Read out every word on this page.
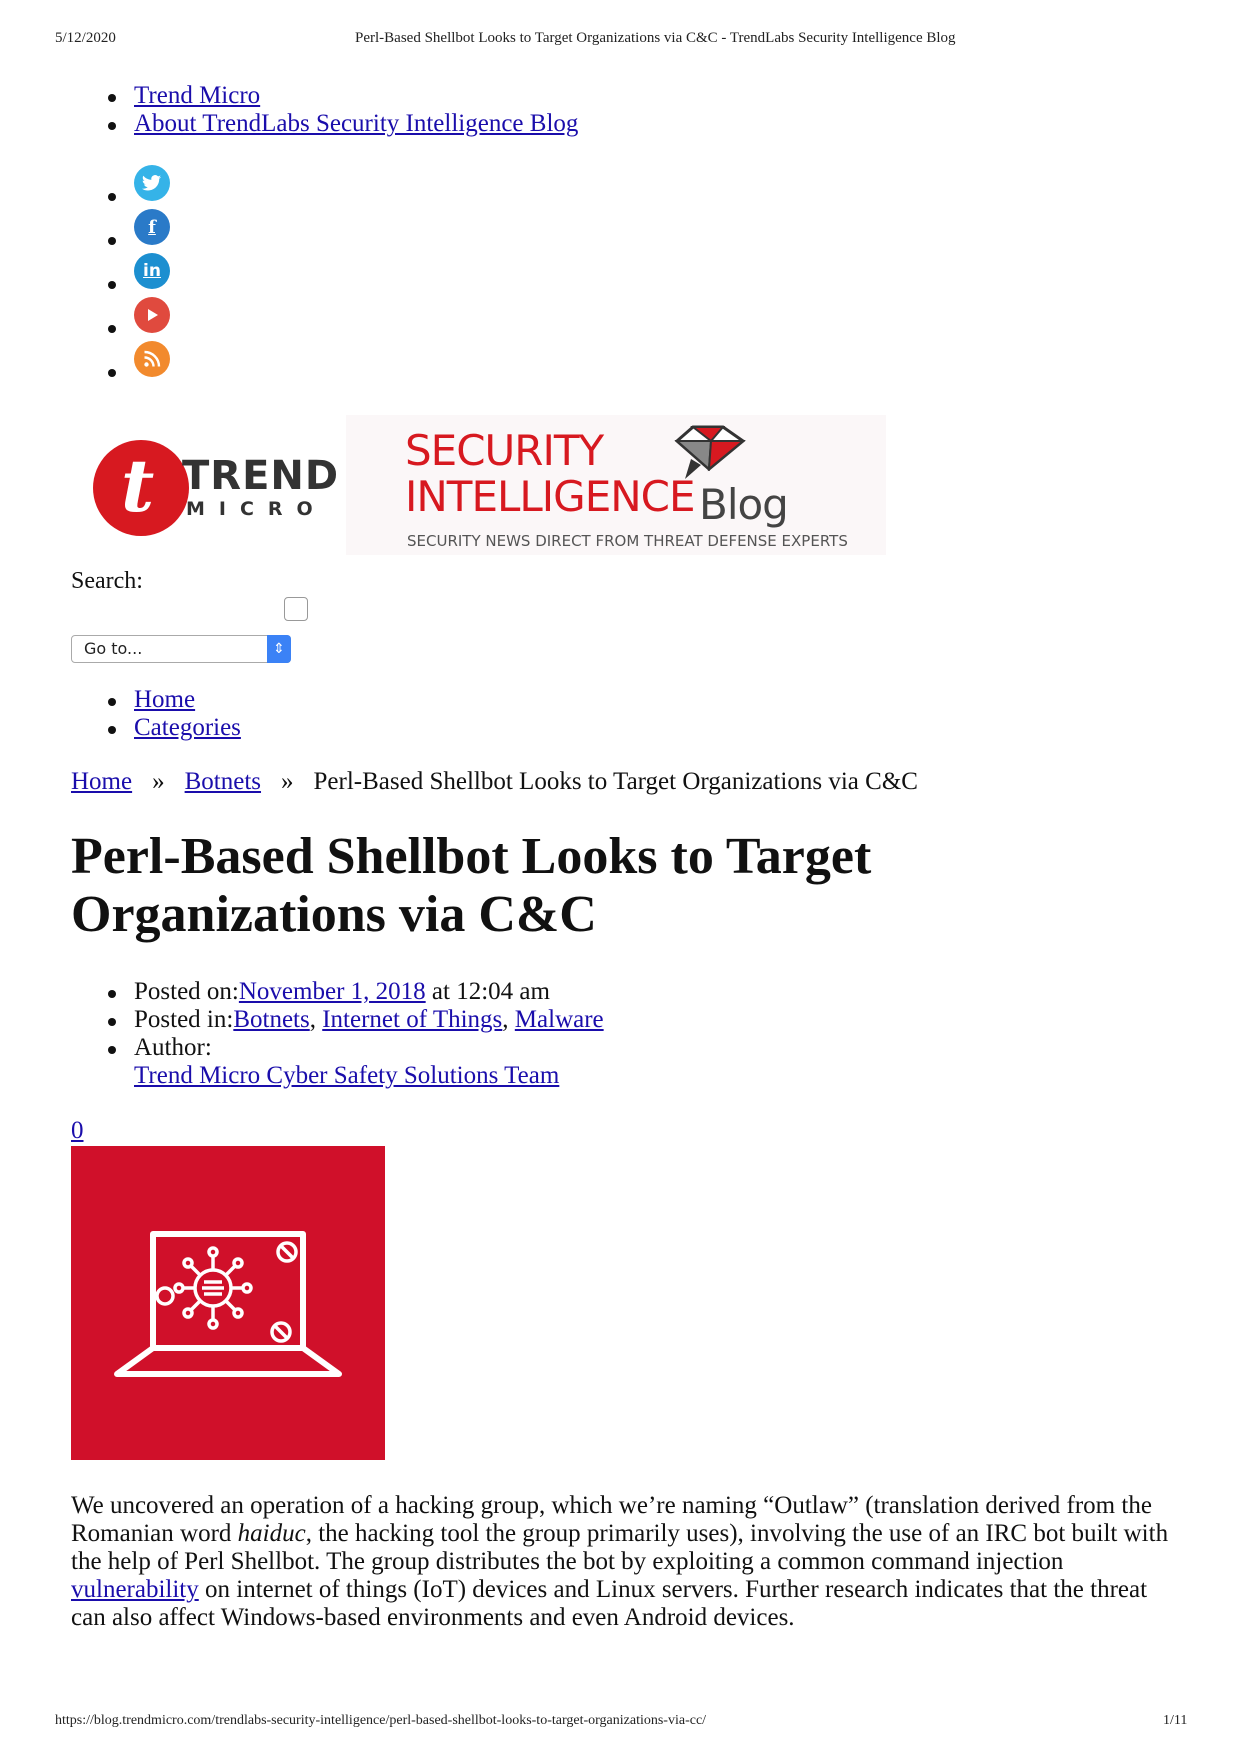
5/12/2020	Perl-Based Shellbot Looks to Target Organizations via C&C - TrendLabs Security Intelligence Blog
Trend Micro
About TrendLabs Security Intelligence Blog
f
in
t TREND
MICRO
SECURITY
INTELLIGENCE Blog
SECURITY NEWS DIRECT FROM THREAT DEFENSE EXPERTS
Search:
Go to...	⇕
Home
Categories
Home » Botnets » Perl-Based Shellbot Looks to Target Organizations via C&C
Perl-Based Shellbot Looks to Target Organizations via C&C
Posted on:November 1, 2018 at 12:04 am
Posted in:Botnets, Internet of Things, Malware
Author:
Trend Micro Cyber Safety Solutions Team
0

We uncovered an operation of a hacking group, which we’re naming “Outlaw” (translation derived from the Romanian word haiduc, the hacking tool the group primarily uses), involving the use of an IRC bot built with the help of Perl Shellbot. The group distributes the bot by exploiting a common command injection vulnerability on internet of things (IoT) devices and Linux servers. Further research indicates that the threat can also affect Windows-based environments and even Android devices.

https://blog.trendmicro.com/trendlabs-security-intelligence/perl-based-shellbot-looks-to-target-organizations-via-cc/	1/11
